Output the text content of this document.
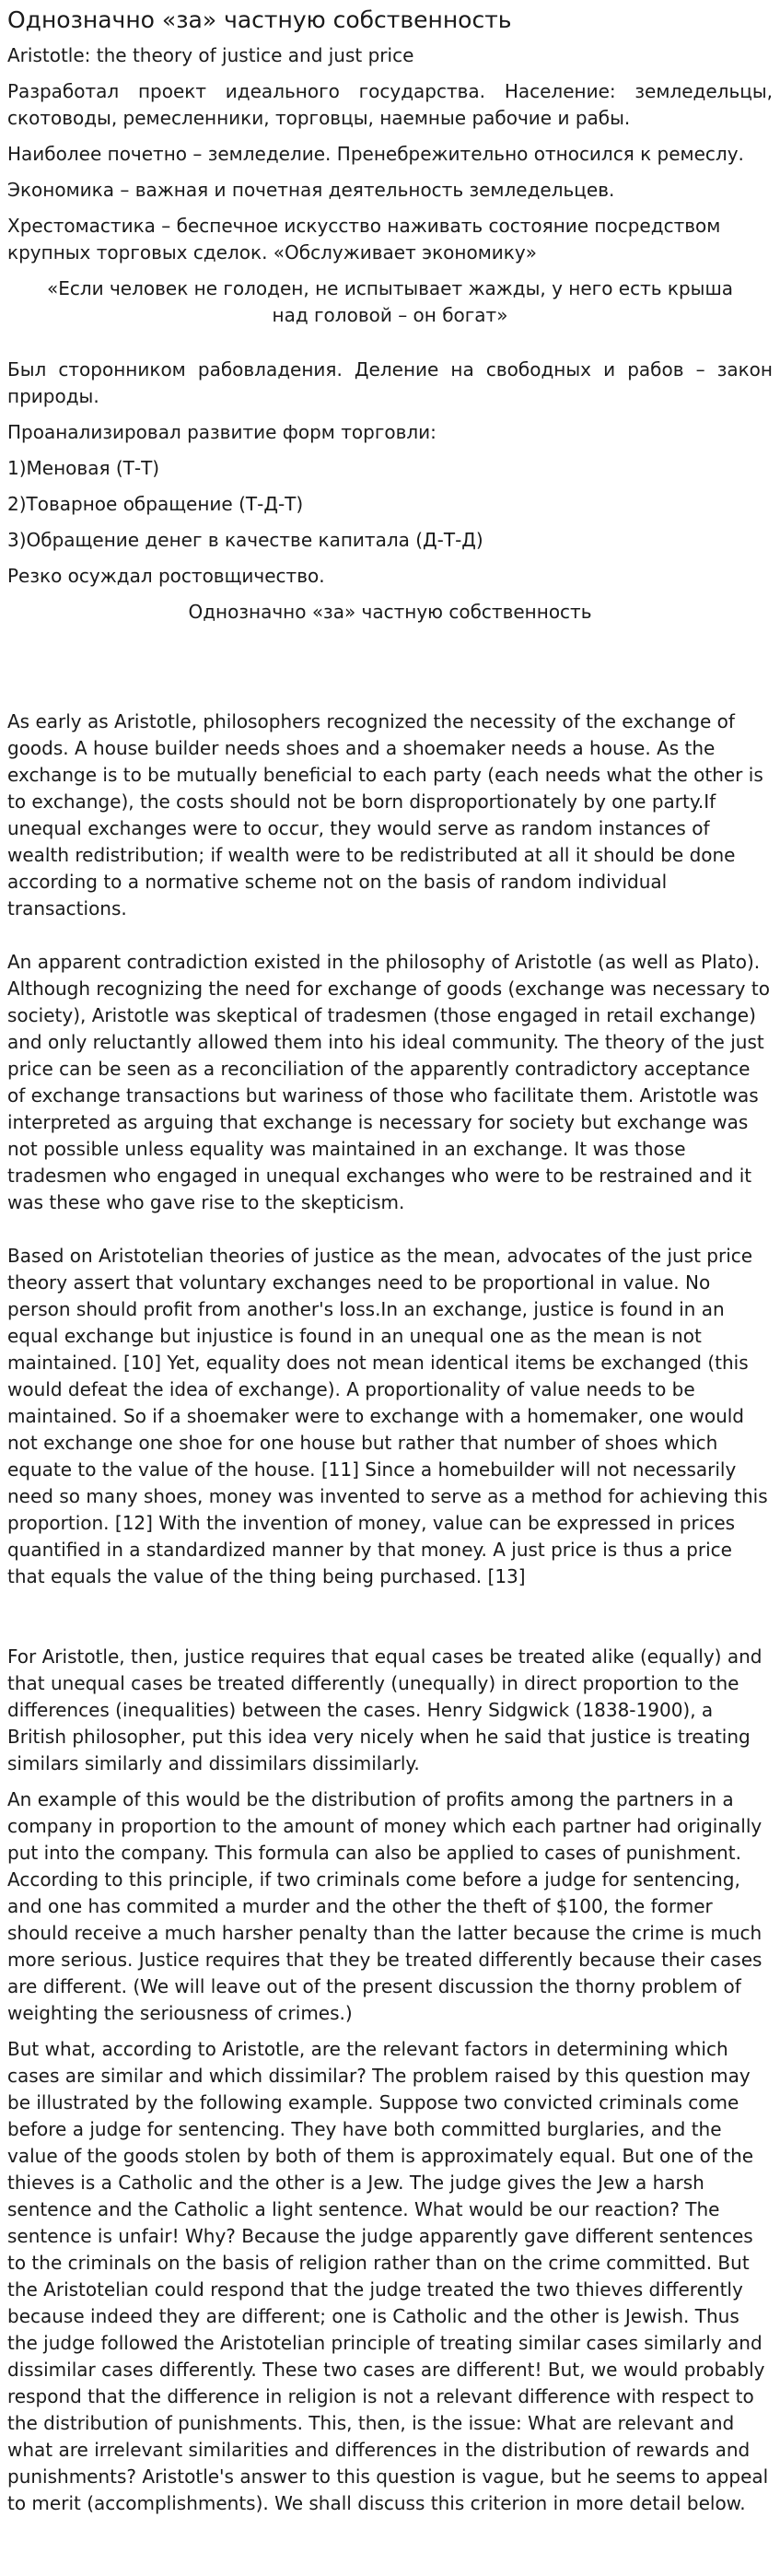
Однозначно «за» частную собственность

Aristotle: the theory of justice and just price

Разработал проект идеального государства. Население: земледельцы, скотоводы, ремесленники, торговцы, наемные рабочие и рабы.

Наиболее почетно – земледелие. Пренебрежительно относился к ремеслу.

Экономика – важная и почетная деятельность земледельцев.

Хрестомастика – беспечное искусство наживать состояние посредством крупных торговых сделок. «Обслуживает экономику»

«Если человек не голоден, не испытывает жажды, у него есть крыша над головой – он богат»

Был сторонником рабовладения. Деление на свободных и рабов – закон природы.

Проанализировал развитие форм торговли:

1)Меновая (Т-Т)

2)Товарное обращение (Т-Д-Т)

3)Обращение денег в качестве капитала (Д-Т-Д)

Резко осуждал ростовщичество.

Однозначно «за» частную собственность

As early as Aristotle, philosophers recognized the necessity of the exchange of goods. A house builder needs shoes and a shoemaker needs a house. As the exchange is to be mutually beneficial to each party (each needs what the other is to exchange), the costs should not be born disproportionately by one party.If unequal exchanges were to occur, they would serve as random instances of wealth redistribution; if wealth were to be redistributed at all it should be done according to a normative scheme not on the basis of random individual transactions.

An apparent contradiction existed in the philosophy of Aristotle (as well as Plato). Although recognizing the need for exchange of goods (exchange was necessary to society), Aristotle was skeptical of tradesmen (those engaged in retail exchange) and only reluctantly allowed them into his ideal community. The theory of the just price can be seen as a reconciliation of the apparently contradictory acceptance of exchange transactions but wariness of those who facilitate them. Aristotle was interpreted as arguing that exchange is necessary for society but exchange was not possible unless equality was maintained in an exchange. It was those tradesmen who engaged in unequal exchanges who were to be restrained and it was these who gave rise to the skepticism.

Based on Aristotelian theories of justice as the mean, advocates of the just price theory assert that voluntary exchanges need to be proportional in value. No person should profit from another's loss.In an exchange, justice is found in an equal exchange but injustice is found in an unequal one as the mean is not maintained. [10] Yet, equality does not mean identical items be exchanged (this would defeat the idea of exchange). A proportionality of value needs to be maintained. So if a shoemaker were to exchange with a homemaker, one would not exchange one shoe for one house but rather that number of shoes which equate to the value of the house. [11] Since a homebuilder will not necessarily need so many shoes, money was invented to serve as a method for achieving this proportion. [12] With the invention of money, value can be expressed in prices quantified in a standardized manner by that money. A just price is thus a price that equals the value of the thing being purchased. [13]

For Aristotle, then, justice requires that equal cases be treated alike (equally) and that unequal cases be treated differently (unequally) in direct proportion to the differences (inequalities) between the cases. Henry Sidgwick (1838-1900), a British philosopher, put this idea very nicely when he said that justice is treating similars similarly and dissimilars dissimilarly.

An example of this would be the distribution of profits among the partners in a company in proportion to the amount of money which each partner had originally put into the company. This formula can also be applied to cases of punishment. According to this principle, if two criminals come before a judge for sentencing, and one has commited a murder and the other the theft of $100, the former should receive a much harsher penalty than the latter because the crime is much more serious. Justice requires that they be treated differently because their cases are different. (We will leave out of the present discussion the thorny problem of weighting the seriousness of crimes.)

But what, according to Aristotle, are the relevant factors in determining which cases are similar and which dissimilar? The problem raised by this question may be illustrated by the following example. Suppose two convicted criminals come before a judge for sentencing. They have both committed burglaries, and the value of the goods stolen by both of them is approximately equal. But one of the thieves is a Catholic and the other is a Jew. The judge gives the Jew a harsh sentence and the Catholic a light sentence. What would be our reaction? The sentence is unfair! Why? Because the judge apparently gave different sentences to the criminals on the basis of religion rather than on the crime committed. But the Aristotelian could respond that the judge treated the two thieves differently because indeed they are different; one is Catholic and the other is Jewish. Thus the judge followed the Aristotelian principle of treating similar cases similarly and dissimilar cases differently. These two cases are different! But, we would probably respond that the difference in religion is not a relevant difference with respect to the distribution of punishments. This, then, is the issue: What are relevant and what are irrelevant similarities and differences in the distribution of rewards and punishments? Aristotle's answer to this question is vague, but he seems to appeal to merit (accomplishments). We shall discuss this criterion in more detail below.
